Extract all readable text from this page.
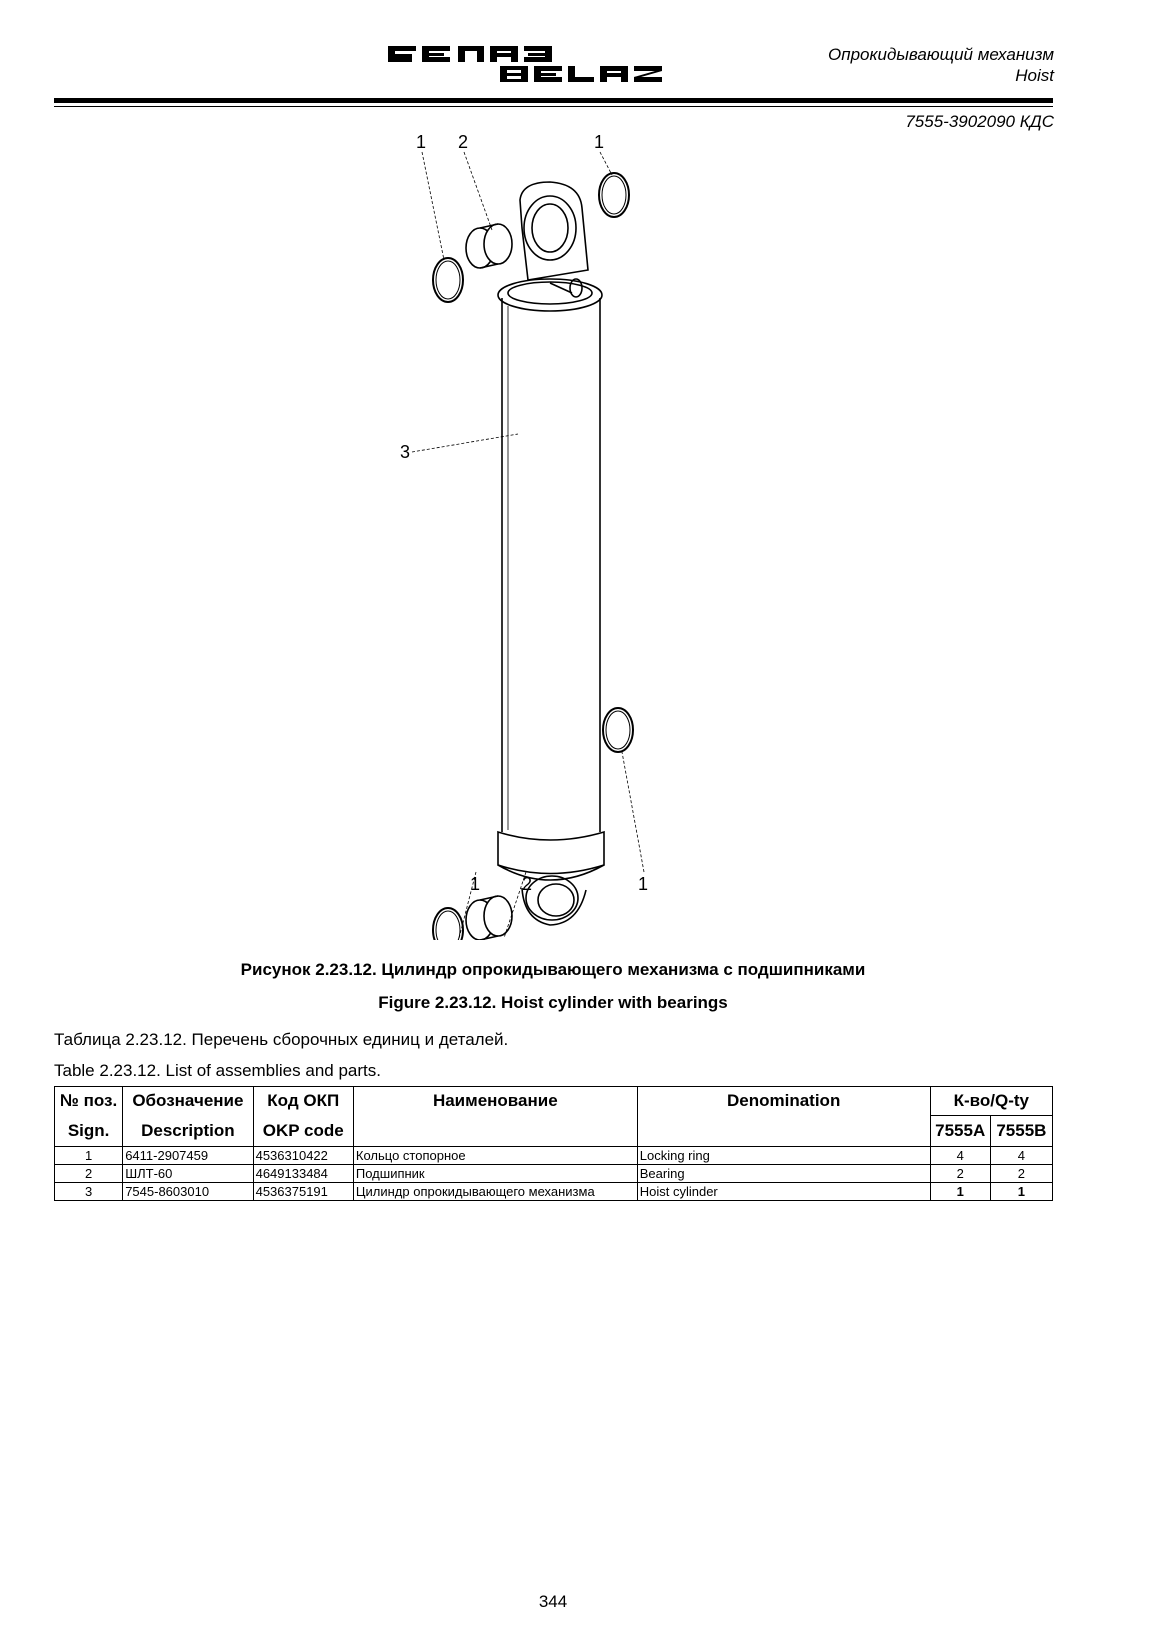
Опрокидывающий механизм
Hoist
7555-3902090 КДС
1 2	1
3
1 2	1
Рисунок 2.23.12. Цилиндр опрокидывающего механизма с подшипниками
Figure 2.23.12. Hoist cylinder with bearings
Таблица 2.23.12. Перечень сборочных единиц и деталей.
Table 2.23.12. List of assemblies and parts.
№ поз.	Обозначение	Код ОКП	Наименование	Denomination	К-во/Q-ty	
Sign.	Description	OKP code			7555A	7555B
1	6411-2907459	4536310422	Кольцо стопорное	Locking ring	4	4
2	ШЛТ-60	4649133484	Подшипник	Bearing	2	2
3	7545-8603010	4536375191	Цилиндр опрокидывающего механизма	Hoist cylinder	1	1
344
